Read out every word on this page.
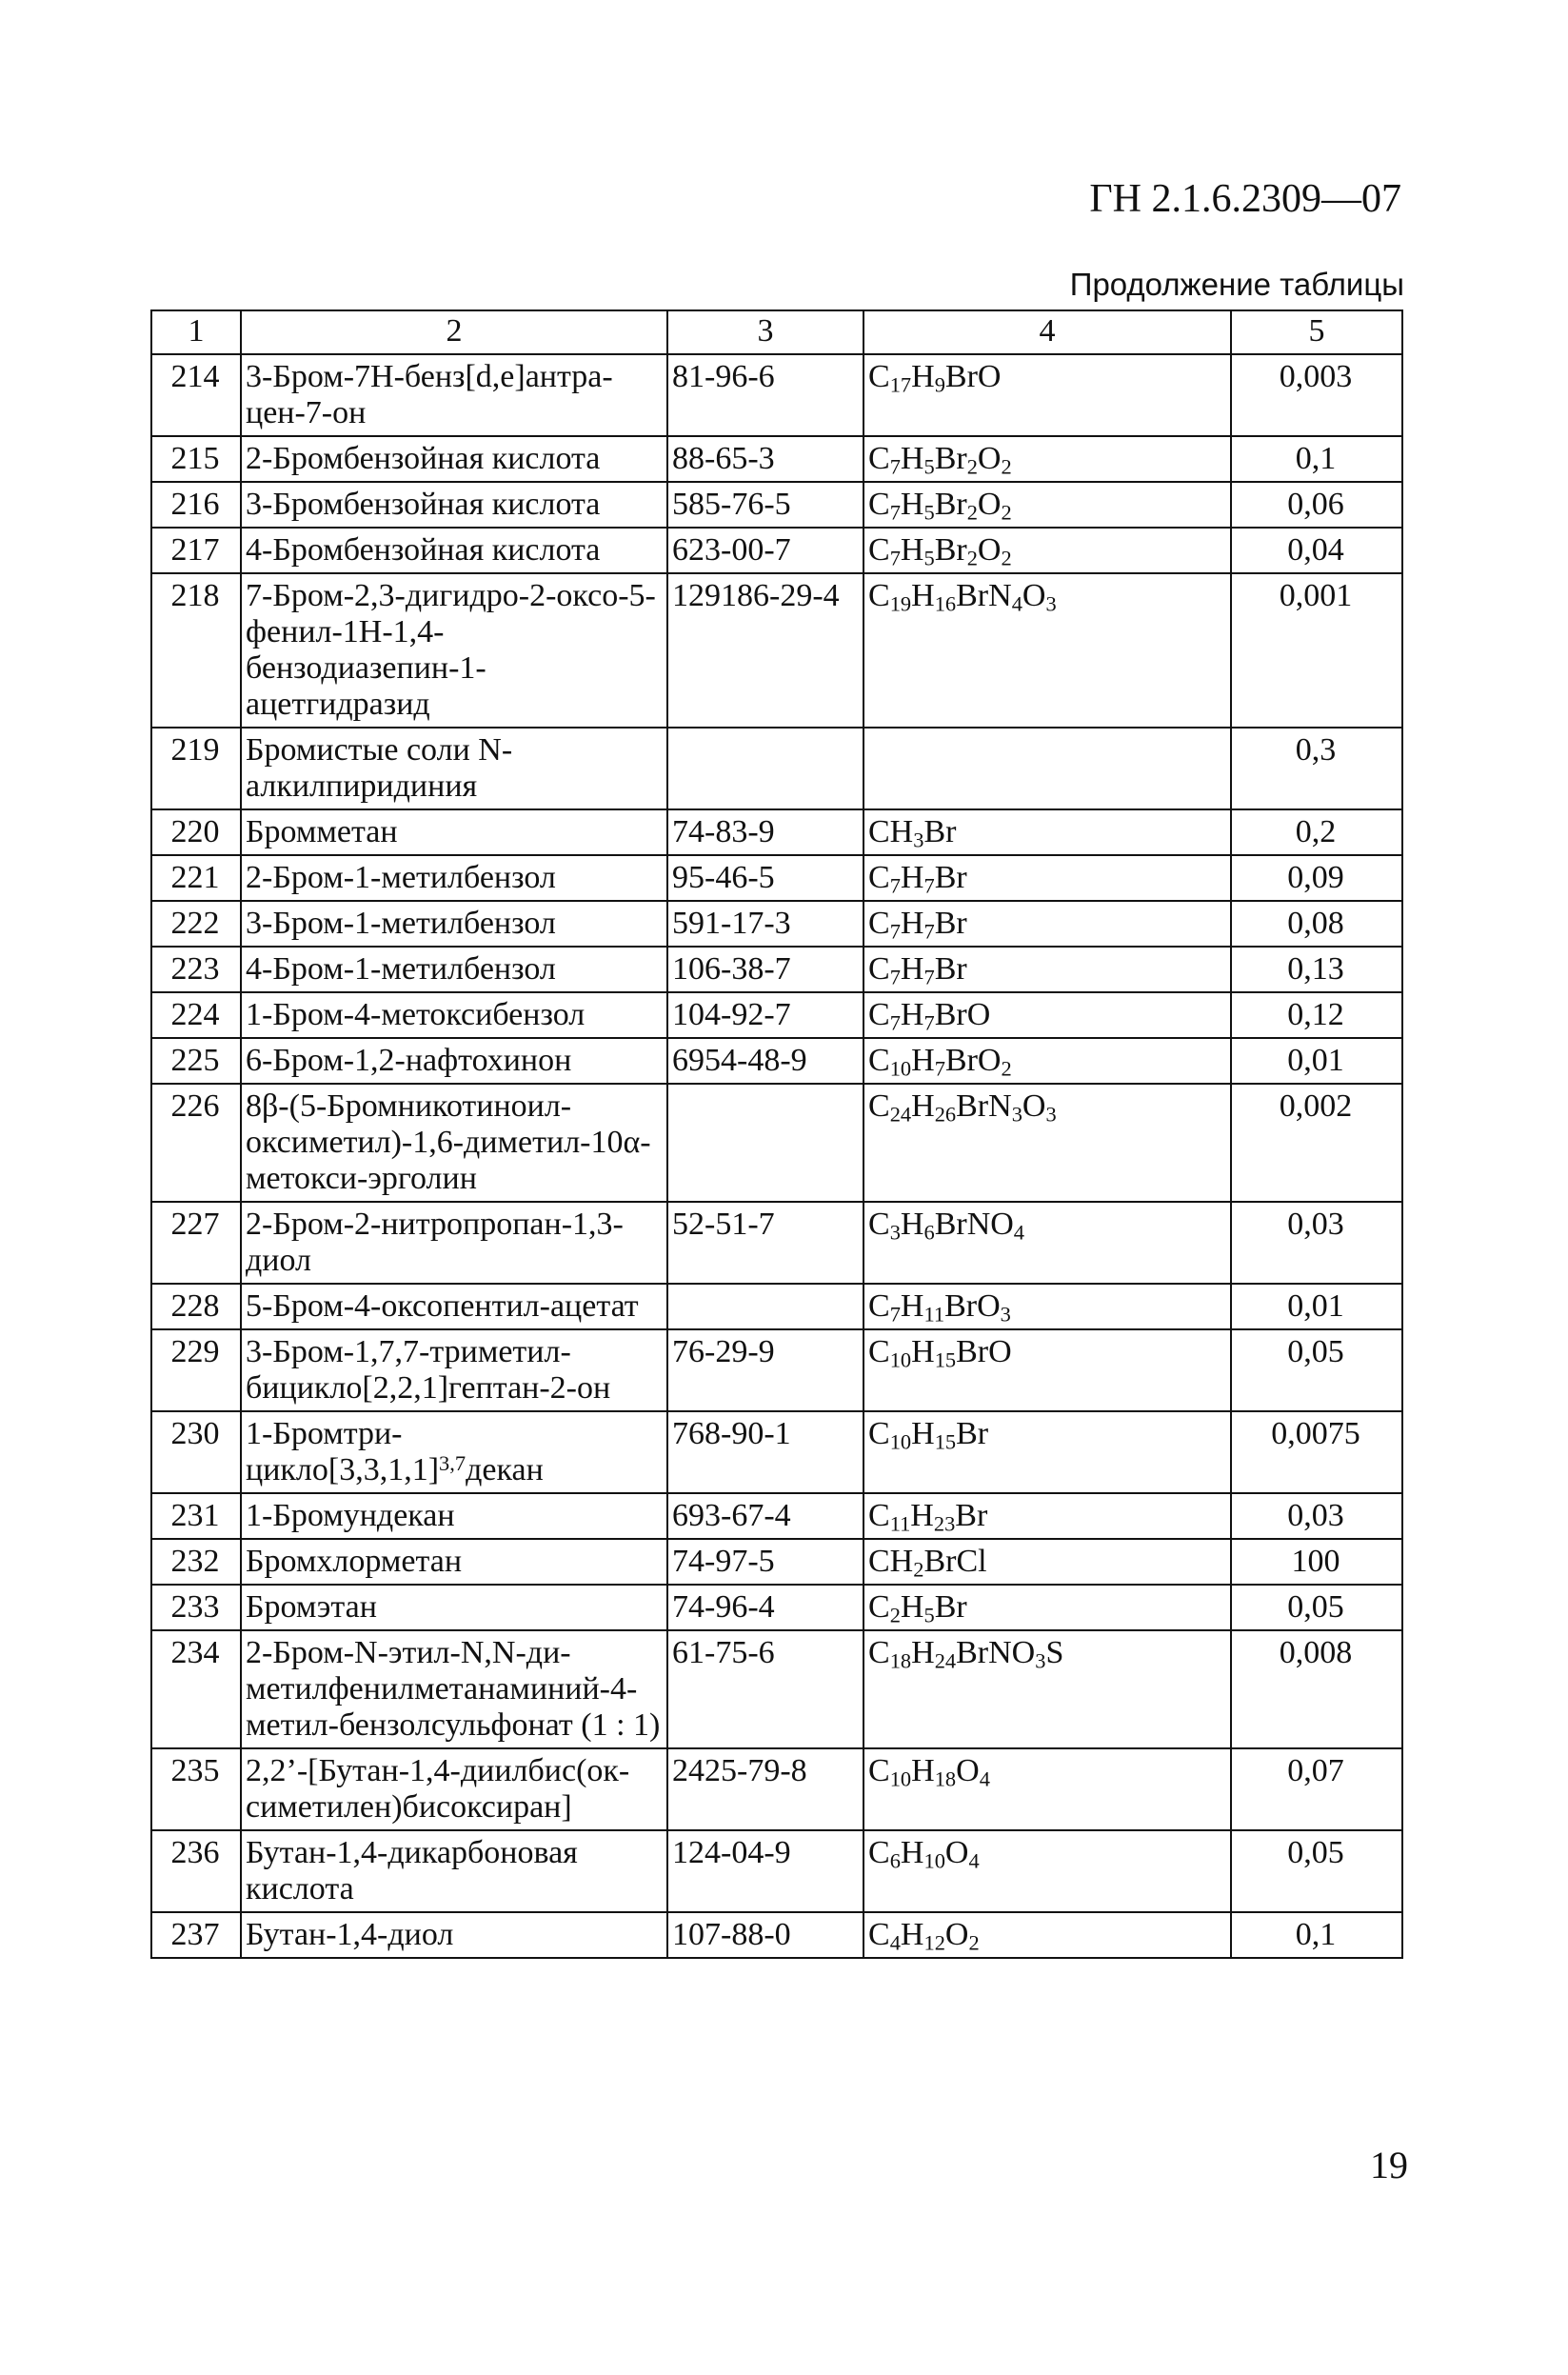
ГН 2.1.6.2309—07
Продолжение таблицы
1	2	3	4	5
214	3-Бром-7Н-бенз[d,e]антра-цен-7-он	81-96-6	$C_{17}H_9BrO$	0,003
215	2-Бромбензойная кислота	88-65-3	$C_7H_5Br_2O_2$	0,1
216	3-Бромбензойная кислота	585-76-5	$C_7H_5Br_2O_2$	0,06
217	4-Бромбензойная кислота	623-00-7	$C_7H_5Br_2O_2$	0,04
218	7-Бром-2,3-дигидро-2-оксо-5-фенил-1Н-1,4-бензодиазепин-1-ацетгидразид	129186-29-4	$C_{19}H_{16}BrN_4O_3$	0,001
219	Бромистые соли N-алкилпиридиния			0,3
220	Бромметан	74-83-9	$CH_3Br$	0,2
221	2-Бром-1-метилбензол	95-46-5	$C_7H_7Br$	0,09
222	3-Бром-1-метилбензол	591-17-3	$C_7H_7Br$	0,08
223	4-Бром-1-метилбензол	106-38-7	$C_7H_7Br$	0,13
224	1-Бром-4-метоксибензол	104-92-7	$C_7H_7BrO$	0,12
225	6-Бром-1,2-нафтохинон	6954-48-9	$C_{10}H_7BrO_2$	0,01
226	8β-(5-Бромникотиноил-оксиметил)-1,6-диметил-10α-метокси-эрголин		$C_{24}H_{26}BrN_3O_3$	0,002
227	2-Бром-2-нитропропан-1,3-диол	52-51-7	$C_3H_6BrNO_4$	0,03
228	5-Бром-4-оксопентил-ацетат		$C_7H_{11}BrO_3$	0,01
229	3-Бром-1,7,7-триметил-бицикло[2,2,1]гептан-2-он	76-29-9	$C_{10}H_{15}BrO$	0,05
230	$1-Бромтри-цикло[3,3,1,1]^{3,7}декан$	768-90-1	$C_{10}H_{15}Br$	0,0075
231	1-Бромундекан	693-67-4	$C_{11}H_{23}Br$	0,03
232	Бромхлорметан	74-97-5	$CH_2BrCl$	100
233	Бромэтан	74-96-4	$C_2H_5Br$	0,05
234	2-Бром-N-этил-N,N-ди-метилфенилметанаминий-4-метил-бензолсульфонат (1 : 1)	61-75-6	$C_{18}H_{24}BrNO_3S$	0,008
235	2,2’-[Бутан-1,4-диилбис(ок-симетилен)бисоксиран]	2425-79-8	$C_{10}H_{18}O_4$	0,07
236	Бутан-1,4-дикарбоновая кислота	124-04-9	$C_6H_{10}O_4$	0,05
237	Бутан-1,4-диол	107-88-0	$C_4H_{12}O_2$	0,1
19
